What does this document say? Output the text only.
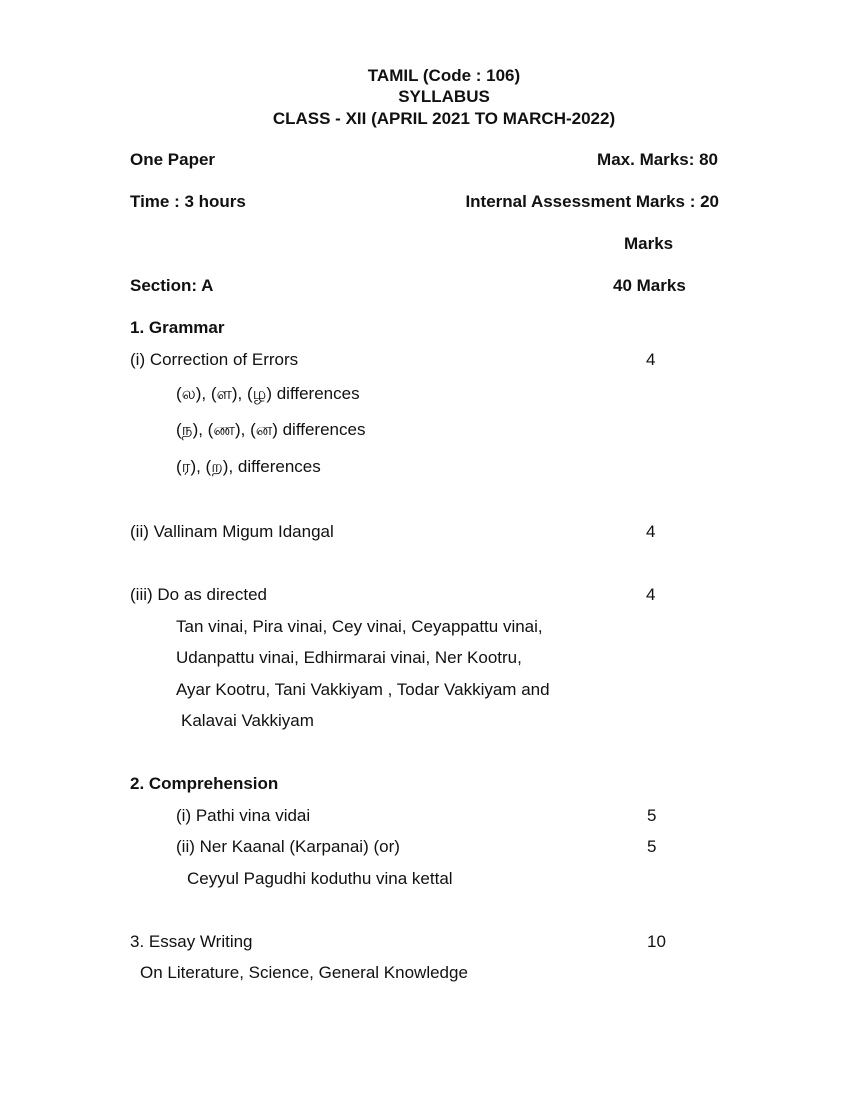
TAMIL (Code : 106)
SYLLABUS
CLASS - XII (APRIL 2021 TO MARCH-2022)
One Paper	Max. Marks: 80
Time : 3 hours	Internal Assessment Marks : 20
Marks
Section: A	40 Marks
1. Grammar
(i) Correction of Errors	4
(ல), (ள), (ழ) differences
(ந), (ண), (ன) differences
(ர), (ற), differences
(ii) Vallinam Migum Idangal	4
(iii) Do as directed	4
Tan vinai, Pira vinai, Cey vinai, Ceyappattu vinai,
Udanpattu vinai, Edhirmarai vinai, Ner Kootru,
Ayar Kootru, Tani Vakkiyam , Todar Vakkiyam and
Kalavai Vakkiyam
2. Comprehension
(i) Pathi vina vidai	5
(ii) Ner Kaanal (Karpanai) (or)	5
Ceyyul Pagudhi koduthu vina kettal
3. Essay Writing	10
On Literature, Science, General Knowledge
